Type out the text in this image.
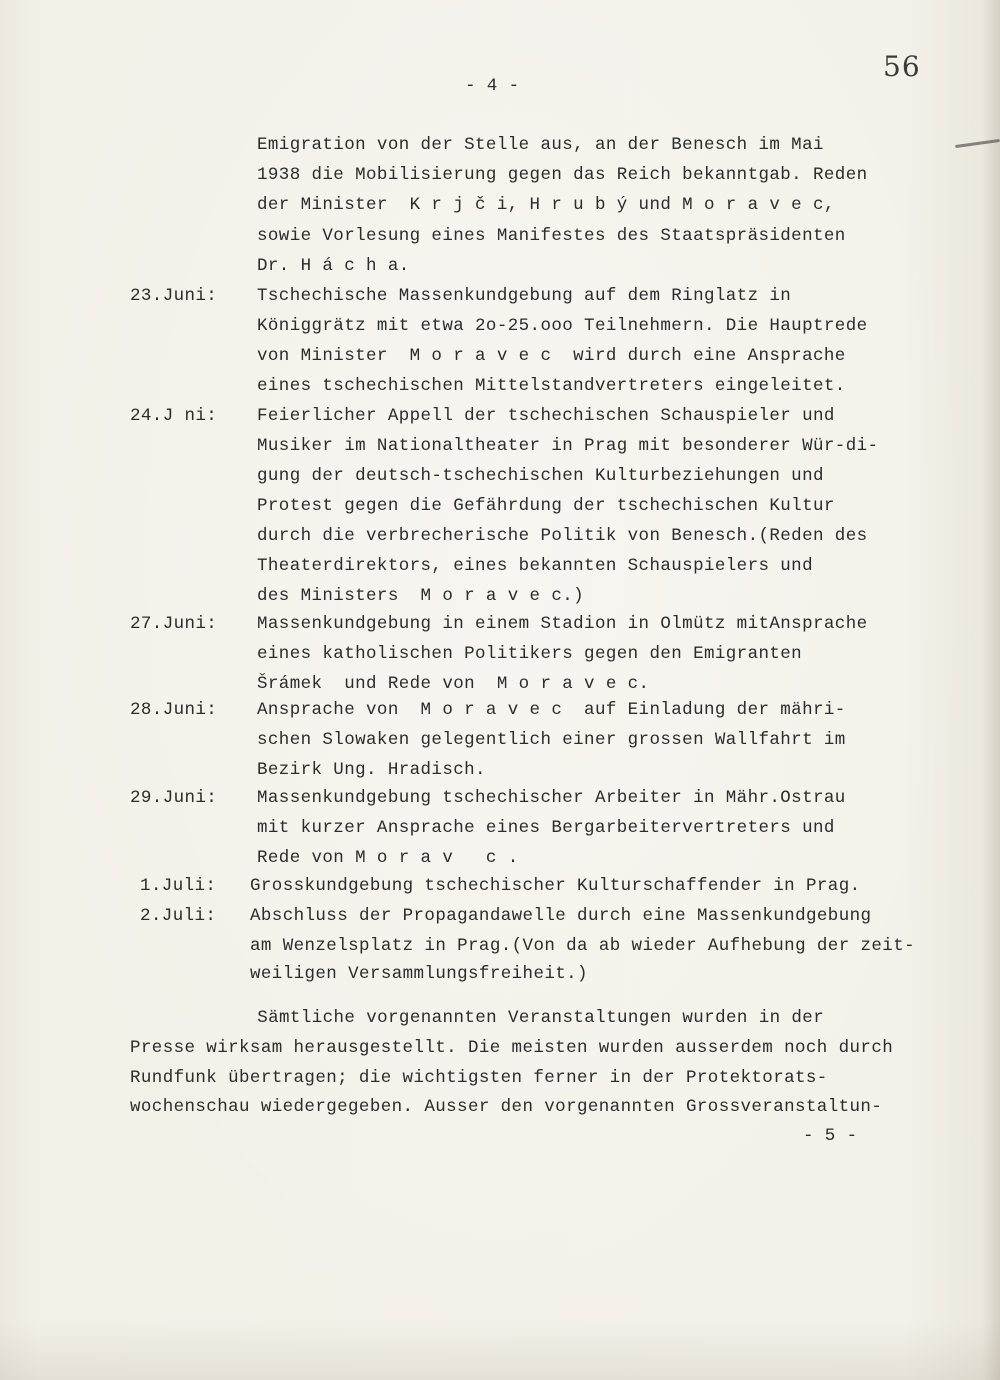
56
- 4 -
Emigration von der Stelle aus, an der Benesch im Mai
1938 die Mobilisierung gegen das Reich bekanntgab. Reden
der Minister  K r j č i, H r u b ý und M o r a v e c,
sowie Vorlesung eines Manifestes des Staatspräsidenten
Dr. H á c h a.
23.Juni: Tschechische Massenkundgebung auf dem Ringlatz in
Königgrätz mit etwa 2o-25.ooo Teilnehmern. Die Hauptrede
von Minister  M o r a v e c  wird durch eine Ansprache
eines tschechischen Mittelstandvertreters eingeleitet.
24.J ni: Feierlicher Appell der tschechischen Schauspieler und
Musiker im Nationaltheater in Prag mit besonderer Wür-di-
gung der deutsch-tschechischen Kulturbeziehungen und
Protest gegen die Gefährdung der tschechischen Kultur
durch die verbrecherische Politik von Benesch.(Reden des
Theaterdirektors, eines bekannten Schauspielers und
des Ministers  M o r a v e c.)
27.Juni: Massenkundgebung in einem Stadion in Olmütz mitAnsprache
eines katholischen Politikers gegen den Emigranten
Šrámek  und Rede von  M o r a v e c.
28.Juni: Ansprache von  M o r a v e c  auf Einladung der mähri-
schen Slowaken gelegentlich einer grossen Wallfahrt im
Bezirk Ung. Hradisch.
29.Juni: Massenkundgebung tschechischer Arbeiter in Mähr.Ostrau
mit kurzer Ansprache eines Bergarbeitervertreters und
Rede von M o r a v   c .
1.Juli: Grosskundgebung tschechischer Kulturschaffender in Prag.
2.Juli: Abschluss der Propagandawelle durch eine Massenkundgebung
am Wenzelsplatz in Prag.(Von da ab wieder Aufhebung der zeit-
weiligen Versammlungsfreiheit.)
Sämtliche vorgenannten Veranstaltungen wurden in der
Presse wirksam herausgestellt. Die meisten wurden ausserdem noch durch
Rundfunk übertragen; die wichtigsten ferner in der Protektorats-
wochenschau wiedergegeben. Ausser den vorgenannten Grossveranstaltun-
- 5 -
